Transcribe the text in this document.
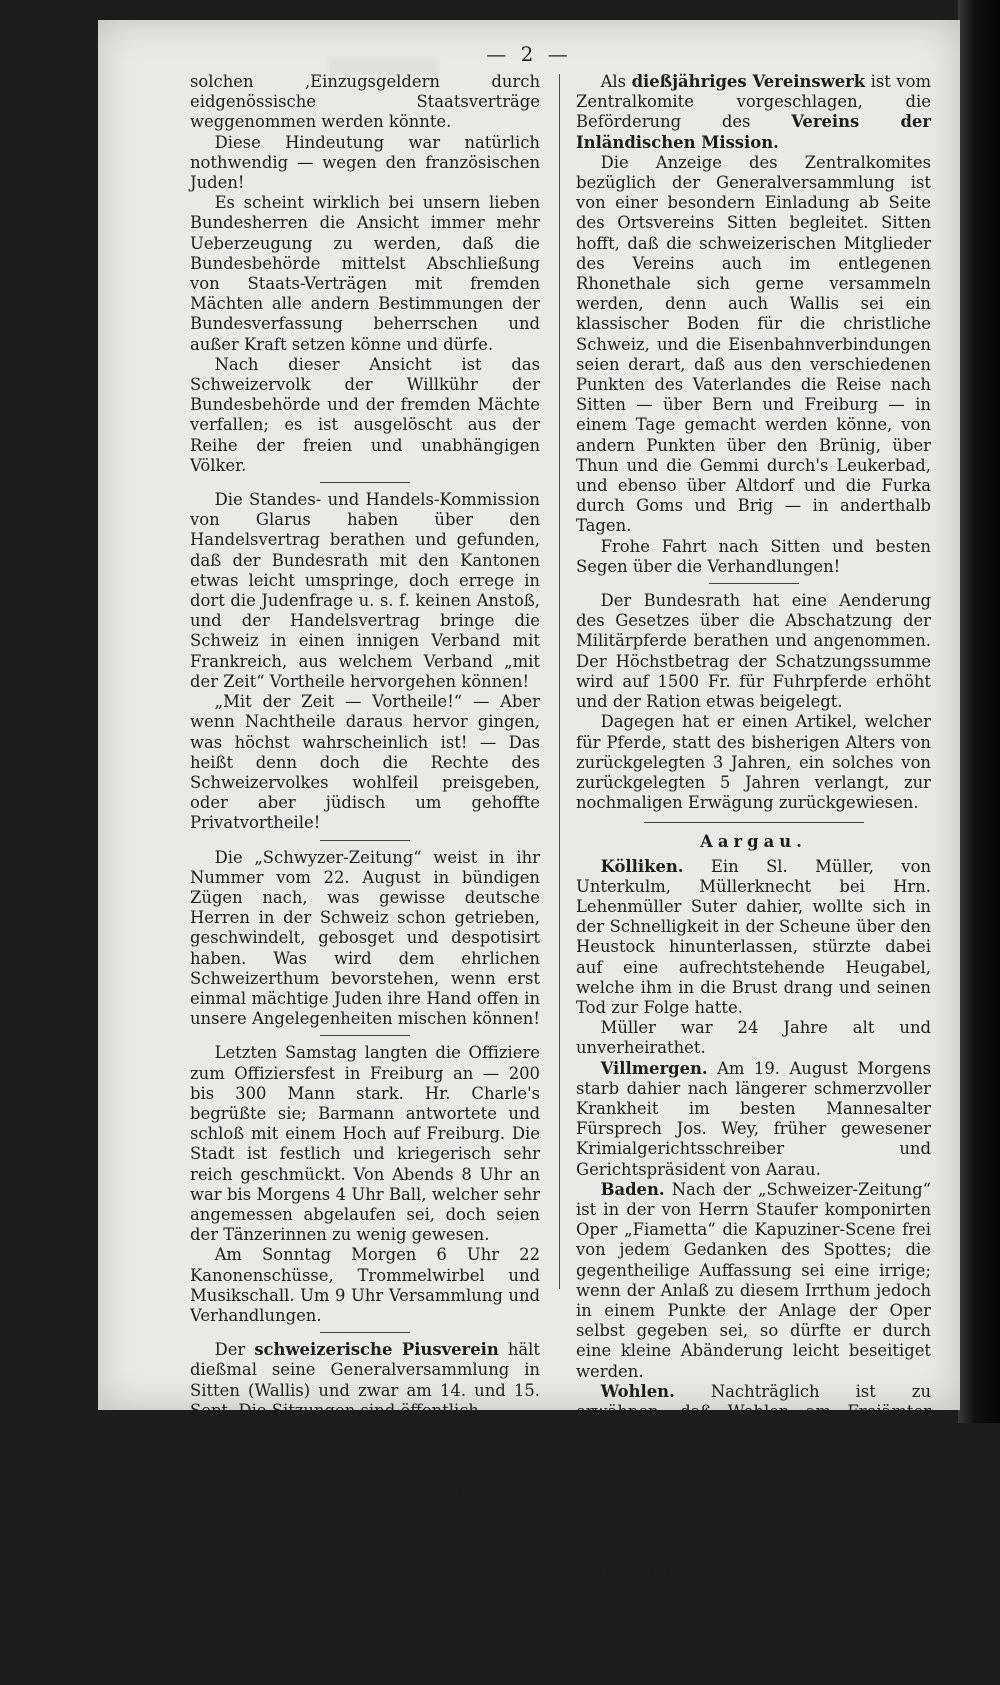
— 2 —

solchen ‚Einzugsgeldern durch eidgenössische Staatsverträge weggenommen werden könnte.

Diese Hindeutung war natürlich nothwendig — wegen den französischen Juden!

Es scheint wirklich bei unsern lieben Bundesherren die Ansicht immer mehr Ueberzeugung zu werden, daß die Bundesbehörde mittelst Abschließung von Staats-Verträgen mit fremden Mächten alle andern Bestimmungen der Bundesverfassung beherrschen und außer Kraft setzen könne und dürfe.

Nach dieser Ansicht ist das Schweizervolk der Willkühr der Bundesbehörde und der fremden Mächte verfallen; es ist ausgelöscht aus der Reihe der freien und unabhängigen Völker.

Die Standes- und Handels-Kommission von Glarus haben über den Handelsvertrag berathen und gefunden, daß der Bundesrath mit den Kantonen etwas leicht umspringe, doch errege in dort die Judenfrage u. s. f. keinen Anstoß, und der Handelsvertrag bringe die Schweiz in einen innigen Verband mit Frankreich, aus welchem Verband „mit der Zeit“ Vortheile hervorgehen können!

„Mit der Zeit — Vortheile!“ — Aber wenn Nachtheile daraus hervor gingen, was höchst wahrscheinlich ist! — Das heißt denn doch die Rechte des Schweizervolkes wohlfeil preisgeben, oder aber jüdisch um gehoffte Privatvortheile!

Die „Schwyzer-Zeitung“ weist in ihr Nummer vom 22. August in bündigen Zügen nach, was gewisse deutsche Herren in der Schweiz schon getrieben, geschwindelt, gebosget und despotisirt haben. Was wird dem ehrlichen Schweizerthum bevorstehen, wenn erst einmal mächtige Juden ihre Hand offen in unsere Angelegenheiten mischen können!

Letzten Samstag langten die Offiziere zum Offiziersfest in Freiburg an — 200 bis 300 Mann stark. Hr. Charle's begrüßte sie; Barmann antwortete und schloß mit einem Hoch auf Freiburg. Die Stadt ist festlich und kriegerisch sehr reich geschmückt. Von Abends 8 Uhr an war bis Morgens 4 Uhr Ball, welcher sehr angemessen abgelaufen sei, doch seien der Tänzerinnen zu wenig gewesen.

Am Sonntag Morgen 6 Uhr 22 Kanonenschüsse, Trommelwirbel und Musikschall. Um 9 Uhr Versammlung und Verhandlungen.

Der schweizerische Piusverein hält dießmal seine Generalversammlung in Sitten (Wallis) und zwar am 14. und 15. Sept. Die Sitzungen sind öffentlich.

Als Vereinsfragen sind vom Zentralkomite aufgeworfen:

1) Wie kann der Pius-Verein für die Einführung und Verwaltung der Sparkassen behülflich sein?
2) Welche Maßregeln sind nützlich und geeignet, um die Auswanderer gegen die in sittlicher und ökonomischer Beziehung sie bedrohenden Gefahren zu schützen?
3) Welche Bedürfnisse machen sich bezüglich des Feldgottesdienstes bei der schweizerischen Armee fühlbar?

Als dießjähriges Vereinswerk ist vom Zentralkomite vorgeschlagen, die Beförderung des Vereins der Inländischen Mission.

Die Anzeige des Zentralkomites bezüglich der Generalversammlung ist von einer besondern Einladung ab Seite des Ortsvereins Sitten begleitet. Sitten hofft, daß die schweizerischen Mitglieder des Vereins auch im entlegenen Rhonethale sich gerne versammeln werden, denn auch Wallis sei ein klassischer Boden für die christliche Schweiz, und die Eisenbahnverbindungen seien derart, daß aus den verschiedenen Punkten des Vaterlandes die Reise nach Sitten — über Bern und Freiburg — in einem Tage gemacht werden könne, von andern Punkten über den Brünig, über Thun und die Gemmi durch's Leukerbad, und ebenso über Altdorf und die Furka durch Goms und Brig — in anderthalb Tagen.

Frohe Fahrt nach Sitten und besten Segen über die Verhandlungen!

Der Bundesrath hat eine Aenderung des Gesetzes über die Abschatzung der Militärpferde berathen und angenommen. Der Höchstbetrag der Schatzungssumme wird auf 1500 Fr. für Fuhrpferde erhöht und der Ration etwas beigelegt.

Dagegen hat er einen Artikel, welcher für Pferde, statt des bisherigen Alters von zurückgelegten 3 Jahren, ein solches von zurückgelegten 5 Jahren verlangt, zur nochmaligen Erwägung zurückgewiesen.

Aargau.

Kölliken. Ein Sl. Müller, von Unterkulm, Müllerknecht bei Hrn. Lehenmüller Suter dahier, wollte sich in der Schnelligkeit in der Scheune über den Heustock hinunterlassen, stürzte dabei auf eine aufrechtstehende Heugabel, welche ihm in die Brust drang und seinen Tod zur Folge hatte.

Müller war 24 Jahre alt und unverheirathet.

Villmergen. Am 19. August Morgens starb dahier nach längerer schmerzvoller Krankheit im besten Mannesalter Fürsprech Jos. Wey, früher gewesener Krimialgerichtsschreiber und Gerichtspräsident von Aarau.

Baden. Nach der „Schweizer-Zeitung“ ist in der von Herrn Staufer komponirten Oper „Fiametta“ die Kapuziner-Scene frei von jedem Gedanken des Spottes; die gegentheilige Auffassung sei eine irrige; wenn der Anlaß zu diesem Irrthum jedoch in einem Punkte der Anlage der Oper selbst gegeben sei, so dürfte er durch eine kleine Abänderung leicht beseitiget werden.

Wohlen. Nachträglich ist zu erwähnen, daß Wohlen am Freiämter Gesangfest reichlich geschmückt, und die Theilnahme eine allgemeine und gemüthliche gewesen, ohne daß man eine politische Parteifärbung habe wahrnehmen können. Im Gesang selbst sollen sich die Chöre von Zürich und Rohrdorf hervorgethan haben.

Frikthal. (Eingesandt.) Die Gemeinde Sulz hat längst beschlossen, eine neue Kirche zu bauen; die Sache geht jedoch langsam von Statten; man glaubt aber, es könnte flinker gehen, wenn unsere Herrscher
